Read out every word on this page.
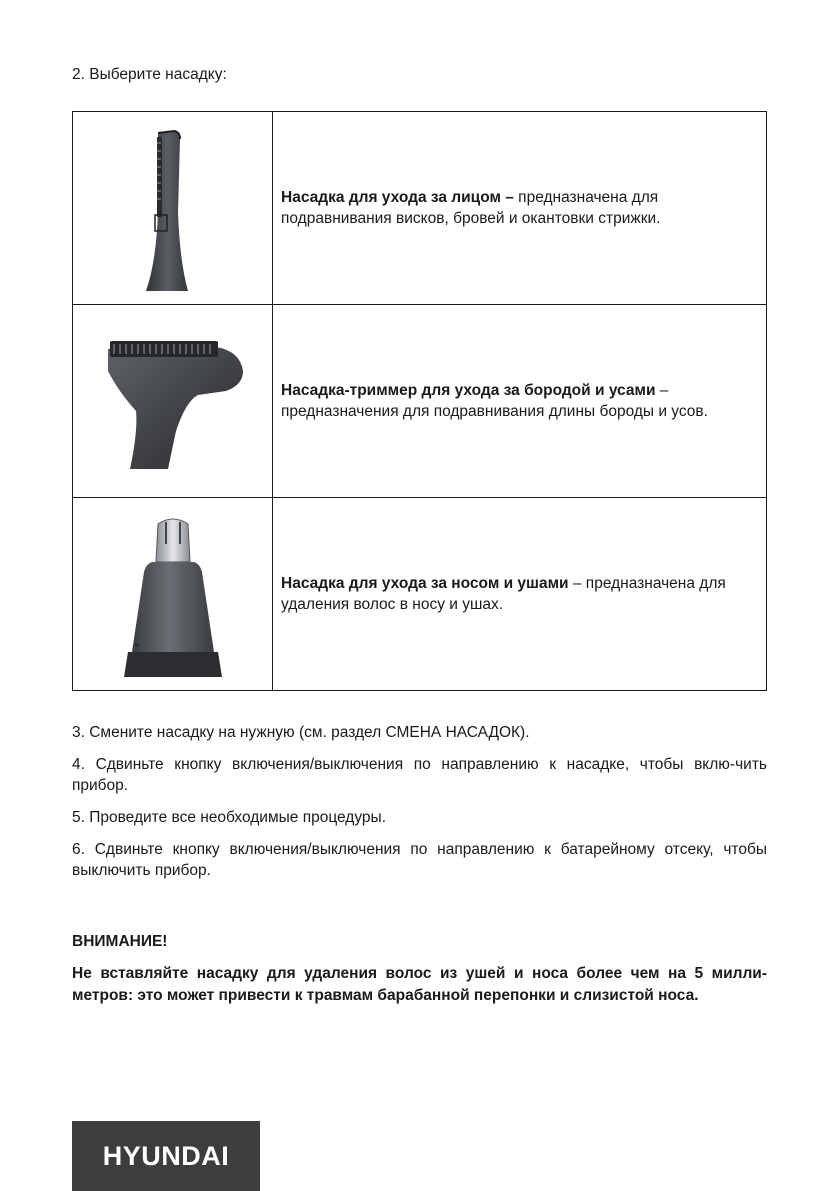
2. Выберите насадку:
	Насадка для ухода за лицом – предназначена для подравнивания висков, бровей и окантовки стрижки.

	Насадка-триммер для ухода за бородой и усами – предназначения для подравнивания длины бороды и усов.

⌖	Насадка для ухода за носом и ушами – предназначена для удаления волос в носу и ушах.

3. Смените насадку на нужную (см. раздел СМЕНА НАСАДОК).

4. Сдвиньте кнопку включения/выключения по направлению к насадке, чтобы вклю-чить прибор.

5. Проведите все необходимые процедуры.

6. Сдвиньте кнопку включения/выключения по направлению к батарейному отсеку, чтобы выключить прибор.

ВНИМАНИЕ!
Не вставляйте насадку для удаления волос из ушей и носа более чем на 5 милли-метров: это может привести к травмам барабанной перепонки и слизистой носа.
HYUNDAI
